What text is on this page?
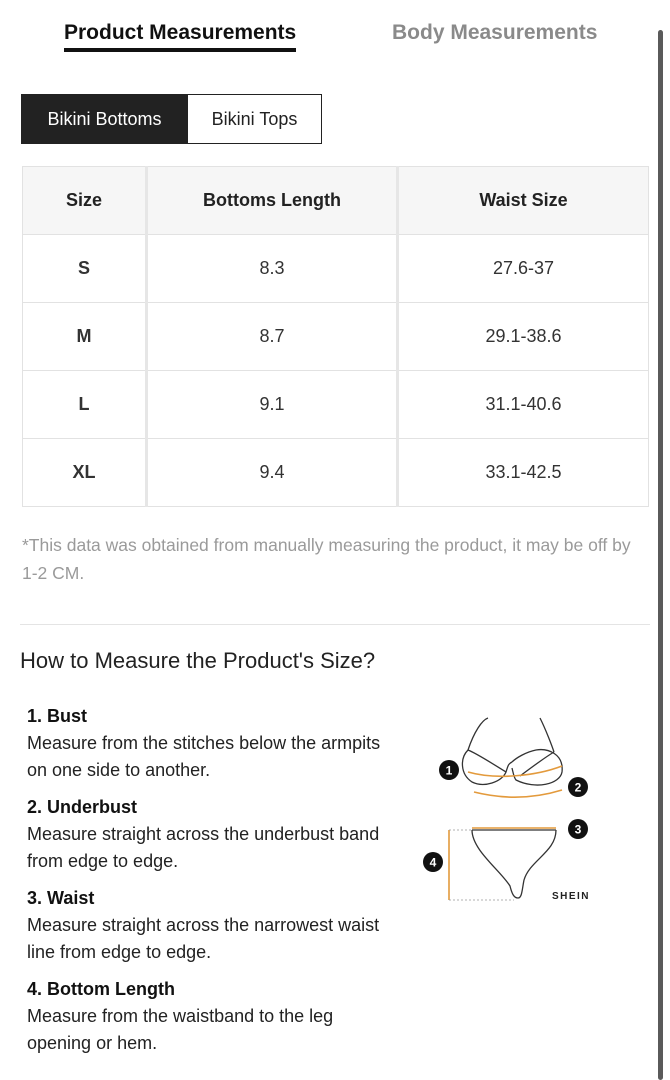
Product Measurements	Body Measurements
Bikini Bottoms	Bikini Tops
Size	Bottoms Length	Waist Size
S	8.3	27.6-37
M	8.7	29.1-38.6
L	9.1	31.1-40.6
XL	9.4	33.1-42.5
*This data was obtained from manually measuring the product, it may be off by 1-2 CM.
How to Measure the Product's Size?
1. Bust
Measure from the stitches below the armpits on one side to another.
2. Underbust
Measure straight across the underbust band from edge to edge.
3. Waist
Measure straight across the narrowest waist line from edge to edge.
4. Bottom Length
Measure from the waistband to the leg opening or hem.
1
2
3
4
SHEIN
